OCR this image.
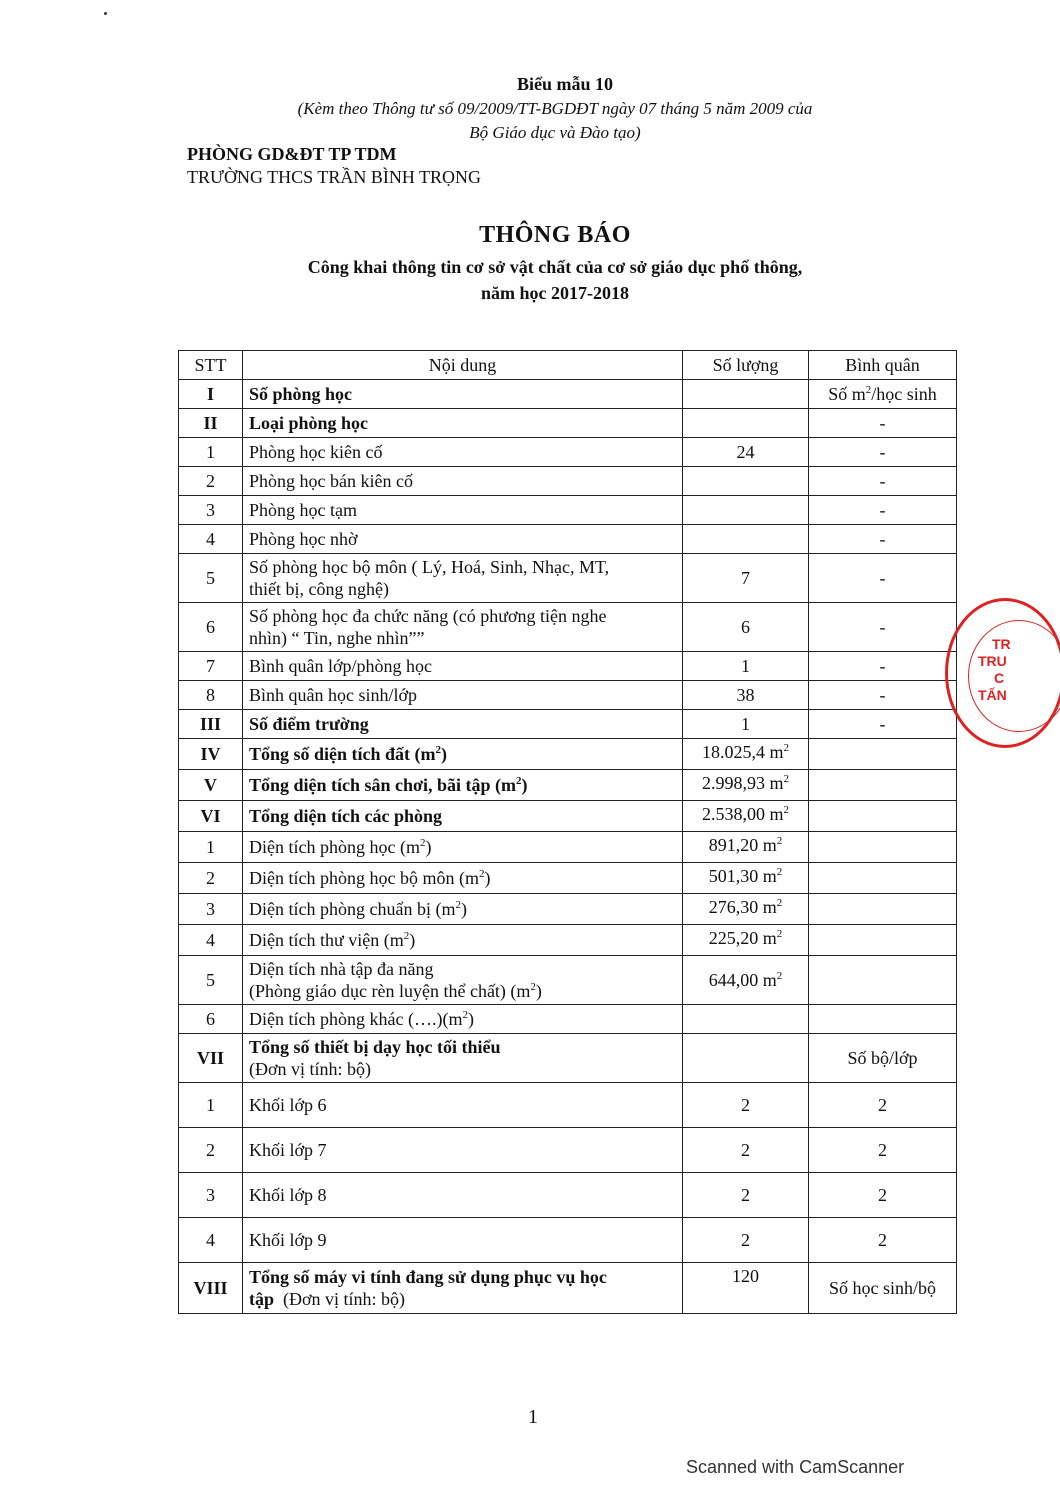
Biểu mẫu 10
(Kèm theo Thông tư số 09/2009/TT-BGDĐT ngày 07 tháng 5 năm 2009 của
Bộ Giáo dục và Đào tạo)
PHÒNG GD&ĐT TP TDM
TRƯỜNG THCS TRẦN BÌNH TRỌNG
THÔNG BÁO
Công khai thông tin cơ sở vật chất của cơ sở giáo dục phổ thông,
năm học 2017-2018
STT	Nội dung	Số lượng	Bình quân
I	Số phòng học		Số $m^2$/học sinh
II	Loại phòng học		-
1	Phòng học kiên cố	24	-
2	Phòng học bán kiên cố		-
3	Phòng học tạm		-
4	Phòng học nhờ		-
5	Số phòng học bộ môn ( Lý, Hoá, Sinh, Nhạc, MT,
thiết bị, công nghệ)	7	-
6	Số phòng học đa chức năng (có phương tiện nghe
nhìn) “ Tin, nghe nhìn””	6	-
7	Bình quân lớp/phòng học	1	-
8	Bình quân học sinh/lớp	38	-
III	Số điểm trường	1	-
IV	Tổng số diện tích đất $(m^2)$	18.025,4 $m^2$	
V	Tổng diện tích sân chơi, bãi tập $(m^2)$	2.998,93 $m^2$	
VI	Tổng diện tích các phòng	2.538,00 $m^2$	
1	Diện tích phòng học $(m^2)$	891,20 $m^2$	
2	Diện tích phòng học bộ môn $(m^2)$	501,30 $m^2$	
3	Diện tích phòng chuẩn bị $(m^2)$	276,30 $m^2$	
4	Diện tích thư viện $(m^2)$	225,20 $m^2$	
5	Diện tích nhà tập đa năng
(Phòng giáo dục rèn luyện thể chất) $(m^2)$	644,00 $m^2$	
6	Diện tích phòng khác $(\dots.)(m^2)$		
VII	Tổng số thiết bị dạy học tối thiểu
(Đơn vị tính: bộ)		Số bộ/lớp
1	Khối lớp 6	2	2
2	Khối lớp 7	2	2
3	Khối lớp 8	2	2
4	Khối lớp 9	2	2
VIII	Tổng số máy vi tính đang sử dụng phục vụ học
tập  (Đơn vị tính: bộ)	120	Số học sinh/bộ
TR
TRU
C
TẤN
1
Scanned with CamScanner
